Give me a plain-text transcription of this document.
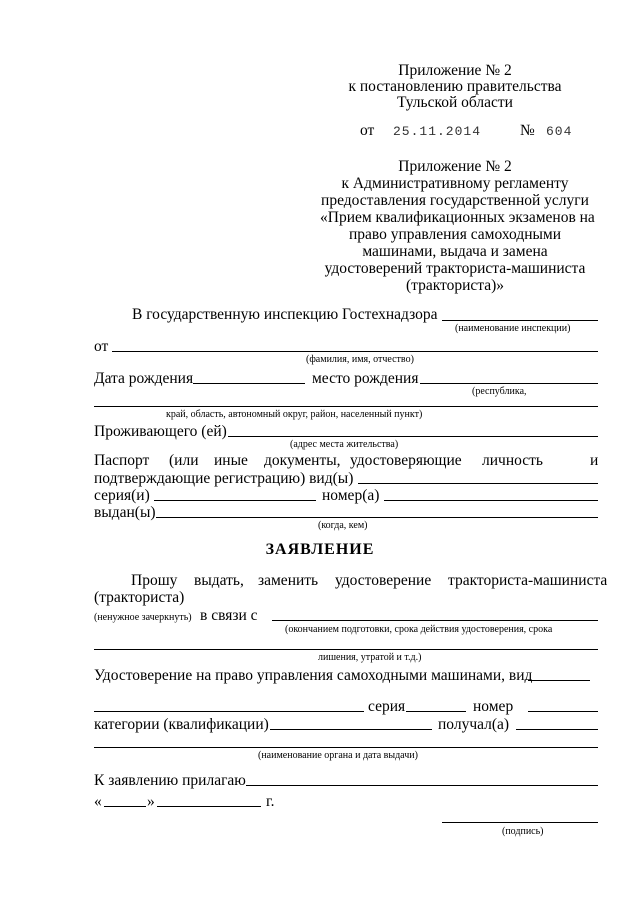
Приложение № 2
к постановлению правительства
Тульской области
от 25.11.2014	№ 604
Приложение № 2
к Административному регламенту
предоставления государственной услуги
«Прием квалификационных экзаменов на
право управления самоходными
машинами, выдача и замена
удостоверений тракториста-машиниста
(тракториста)»
В государственную инспекцию Гостехнадзора
(наименование инспекции)
от
(фамилия, имя, отчество)
Дата рождения	место рождения
(республика,
край, область, автономный округ, район, населенный пункт)
Проживающего (ей)
(адрес места жительства)
Паспорт (или иные документы, удостоверяющие личность	и
подтверждающие регистрацию) вид(ы)
серия(и)	номер(а)
выдан(ы)
(когда, кем)
ЗАЯВЛЕНИЕ
Прошу выдать, заменить удостоверение тракториста-машиниста
(тракториста)
(ненужное зачеркнуть) в связи с
(окончанием подготовки, срока действия удостоверения, срока
лишения, утратой и т.д.)
Удостоверение на право управления самоходными машинами, вид
серия	номер
категории (квалификации)	получал(а)
(наименование органа и дата выдачи)
К заявлению прилагаю
«	»	г.
(подпись)
